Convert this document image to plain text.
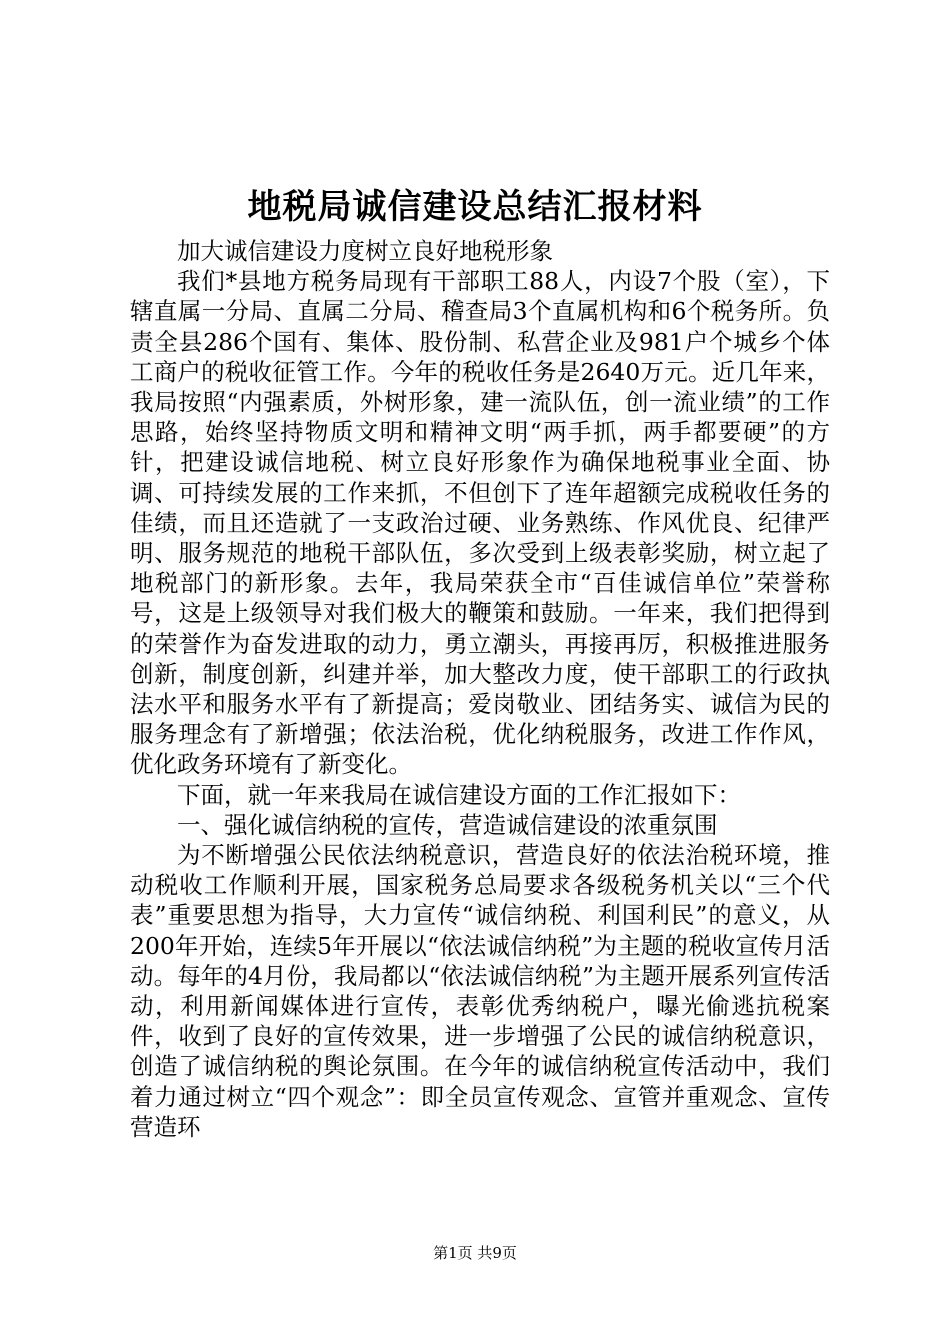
地税局诚信建设总结汇报材料

加大诚信建设力度树立良好地税形象

我们*县地方税务局现有干部职工88人，内设7个股（室），下辖直属一分局、直属二分局、稽查局3个直属机构和6个税务所。负责全县286个国有、集体、股份制、私营企业及981户个城乡个体工商户的税收征管工作。今年的税收任务是2640万元。近几年来，我局按照“内强素质，外树形象，建一流队伍，创一流业绩”的工作思路，始终坚持物质文明和精神文明“两手抓，两手都要硬”的方针，把建设诚信地税、树立良好形象作为确保地税事业全面、协调、可持续发展的工作来抓，不但创下了连年超额完成税收任务的佳绩，而且还造就了一支政治过硬、业务熟练、作风优良、纪律严明、服务规范的地税干部队伍，多次受到上级表彰奖励，树立起了地税部门的新形象。去年，我局荣获全市“百佳诚信单位”荣誉称号，这是上级领导对我们极大的鞭策和鼓励。一年来，我们把得到的荣誉作为奋发进取的动力，勇立潮头，再接再厉，积极推进服务创新，制度创新，纠建并举，加大整改力度，使干部职工的行政执法水平和服务水平有了新提高；爱岗敬业、团结务实、诚信为民的服务理念有了新增强；依法治税，优化纳税服务，改进工作作风，优化政务环境有了新变化。

下面，就一年来我局在诚信建设方面的工作汇报如下：

一、强化诚信纳税的宣传，营造诚信建设的浓重氛围

为不断增强公民依法纳税意识，营造良好的依法治税环境，推动税收工作顺利开展，国家税务总局要求各级税务机关以“三个代表”重要思想为指导，大力宣传“诚信纳税、利国利民”的意义，从200年开始，连续5年开展以“依法诚信纳税”为主题的税收宣传月活动。每年的4月份，我局都以“依法诚信纳税”为主题开展系列宣传活动，利用新闻媒体进行宣传，表彰优秀纳税户，曝光偷逃抗税案件，收到了良好的宣传效果，进一步增强了公民的诚信纳税意识，创造了诚信纳税的舆论氛围。在今年的诚信纳税宣传活动中，我们着力通过树立“四个观念”：即全员宣传观念、宣管并重观念、宣传营造环

第1页 共9页
